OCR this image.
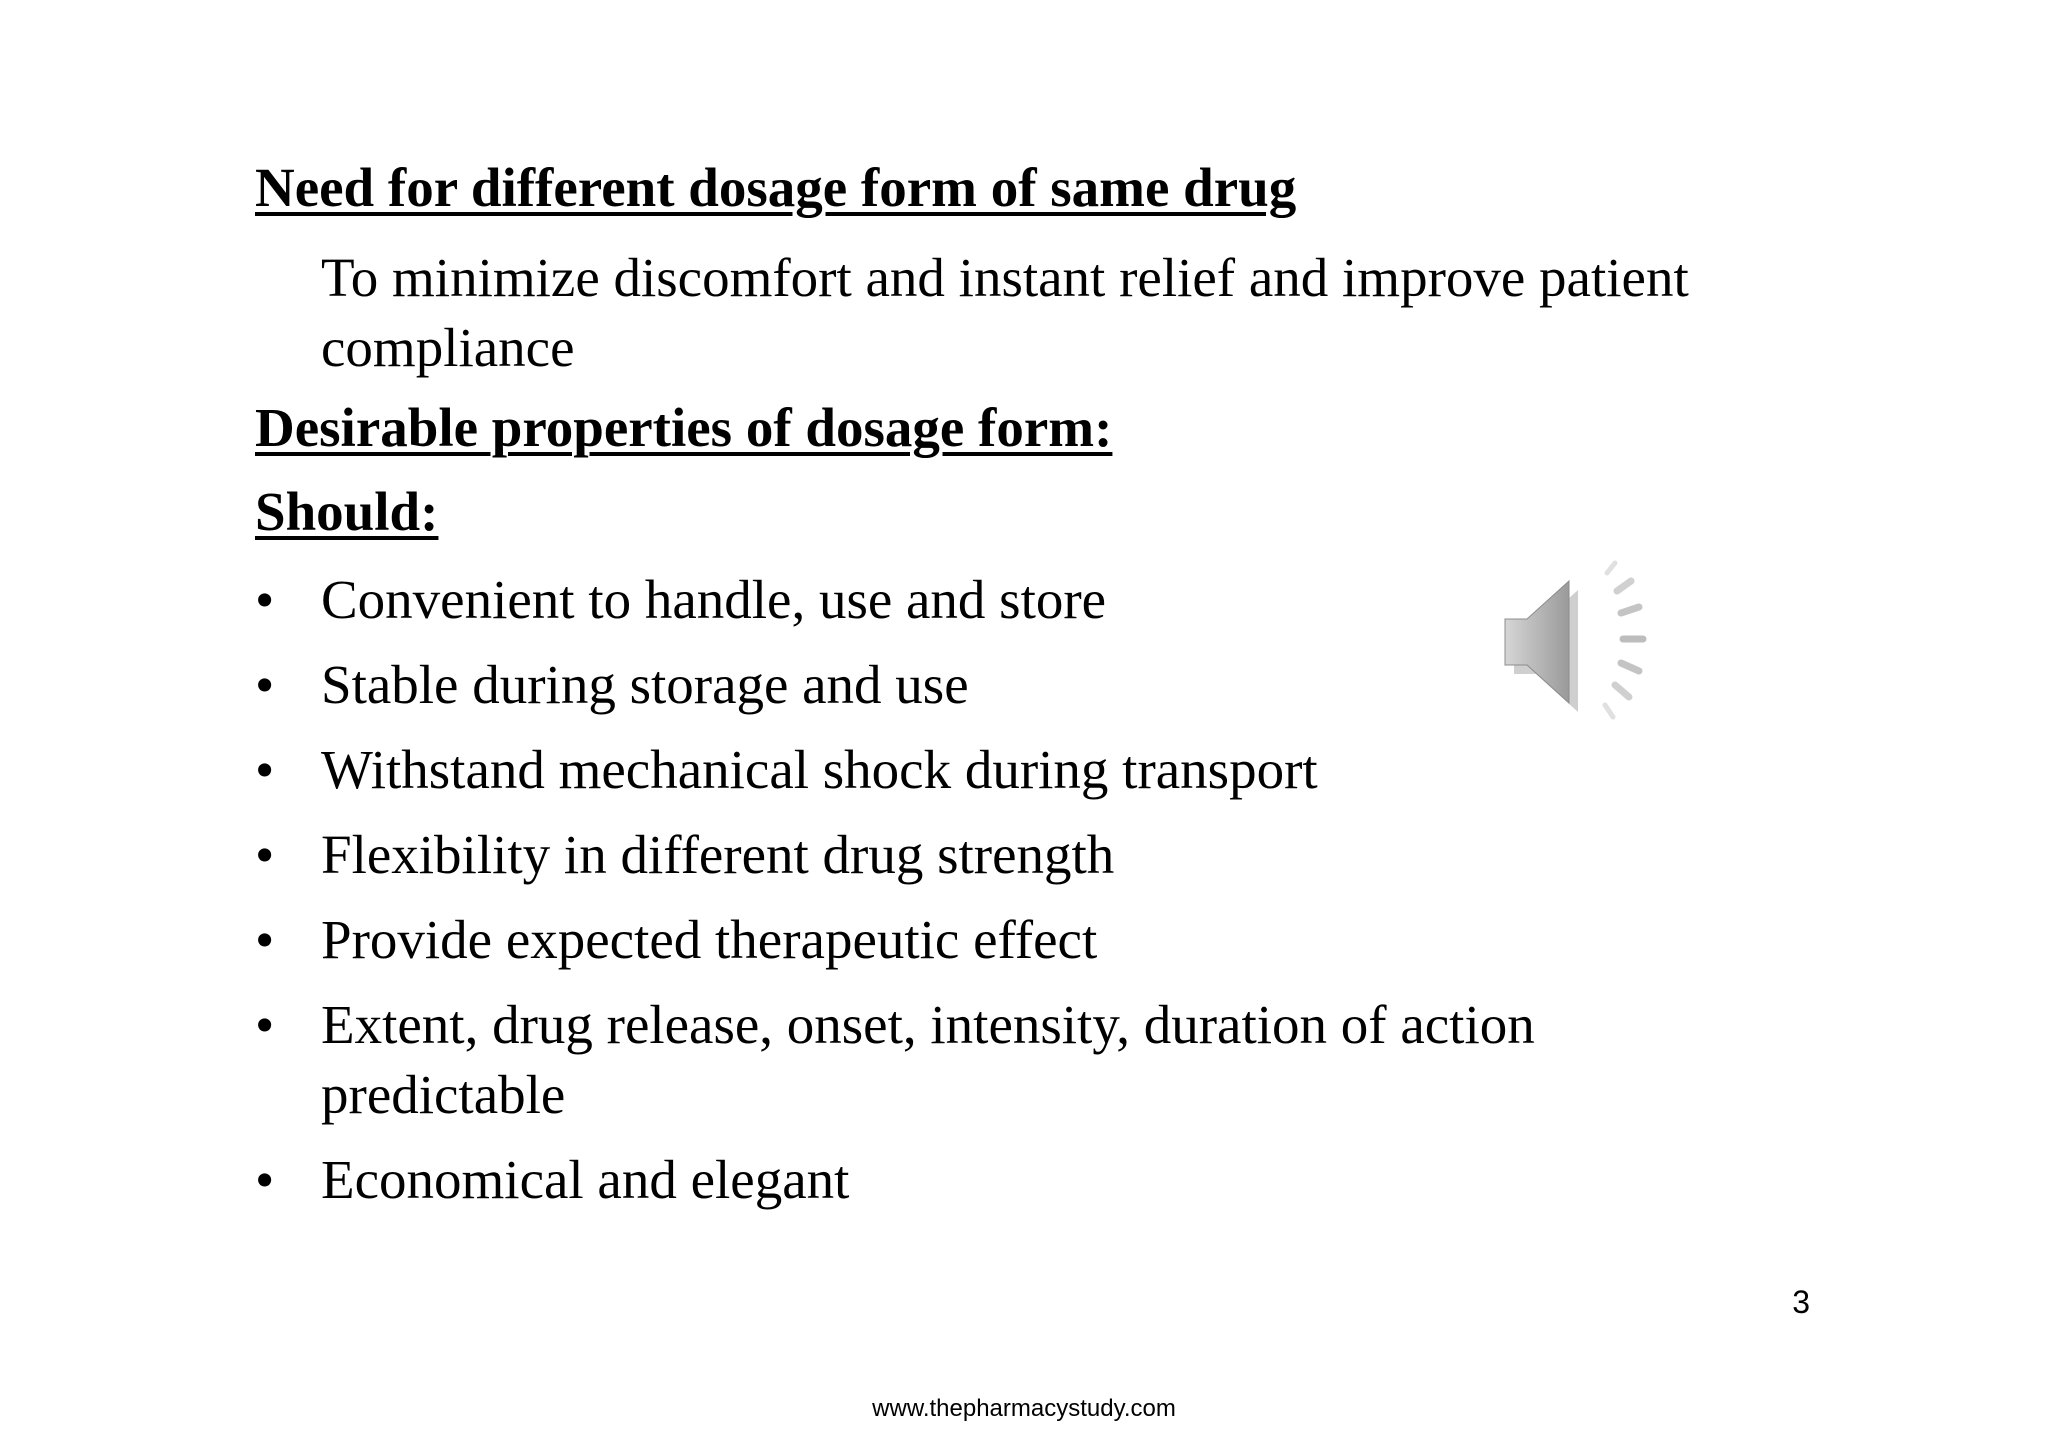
Need for different dosage form of same drug

To minimize discomfort and instant relief and improve patient compliance

Desirable properties of dosage form:
Should:
• Convenient to handle, use and store
• Stable during storage and use
• Withstand mechanical shock during transport
• Flexibility in different drug strength
• Provide expected therapeutic effect
• Extent, drug release, onset, intensity, duration of action predictable
• Economical and elegant
3
www.thepharmacystudy.com
